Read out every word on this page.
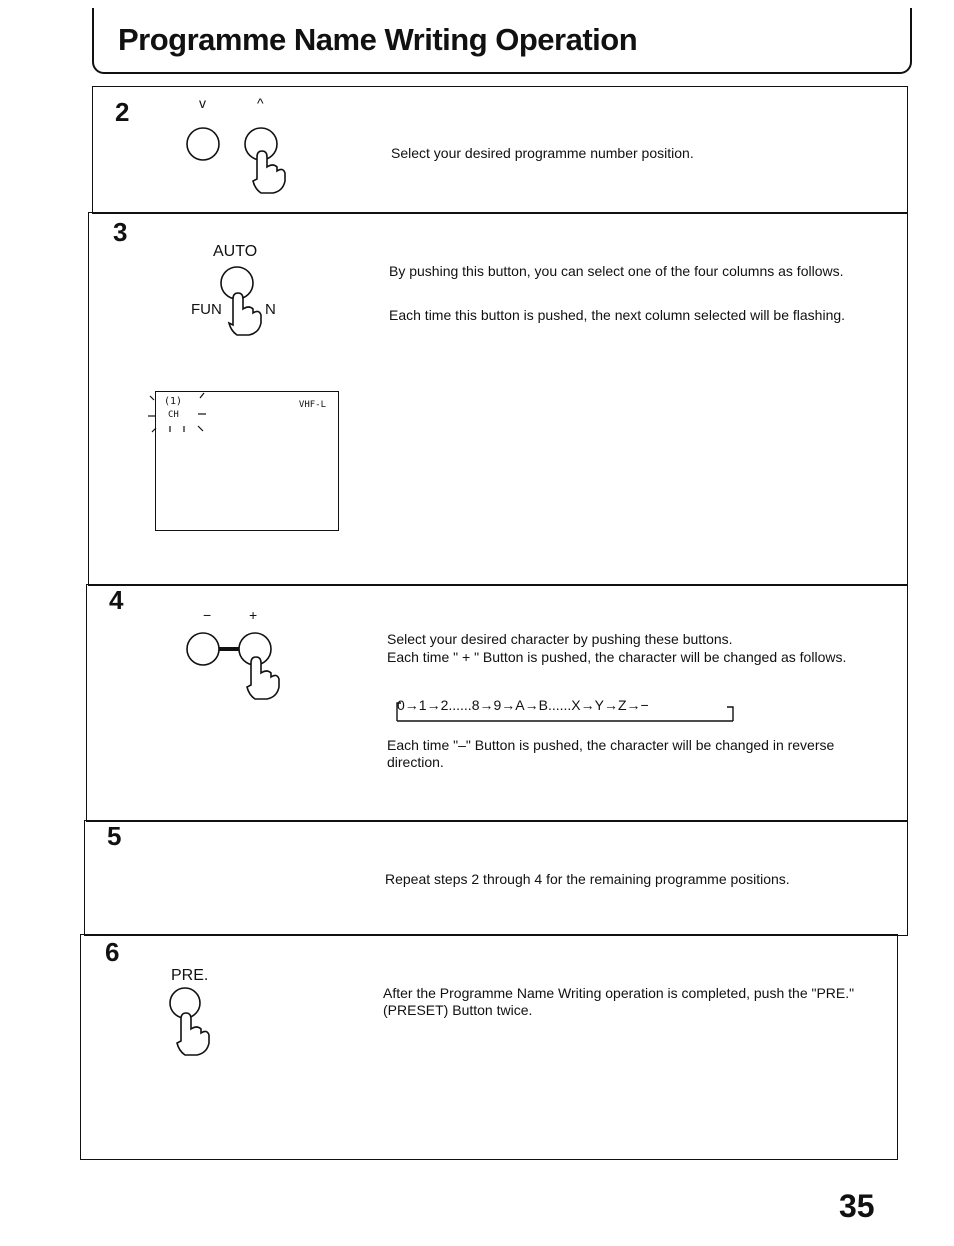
Programme Name Writing Operation
2	v	^
Select your desired programme number position.
3
AUTO
FUN	N
By pushing this button, you can select one of the four columns as follows.
Each time this button is pushed, the next column selected will be flashing.
(1)
CH
VHF-L
4	−	+
Select your desired character by pushing these buttons.
Each time " + " Button is pushed, the character will be changed as follows.
0→1→2......8→9→A→B......X→Y→Z→−
Each time "–" Button is pushed, the character will be changed in reverse direction.
5
Repeat steps 2 through 4 for the remaining programme positions.
6
PRE.
After the Programme Name Writing operation is completed, push the "PRE." (PRESET) Button twice.
35
